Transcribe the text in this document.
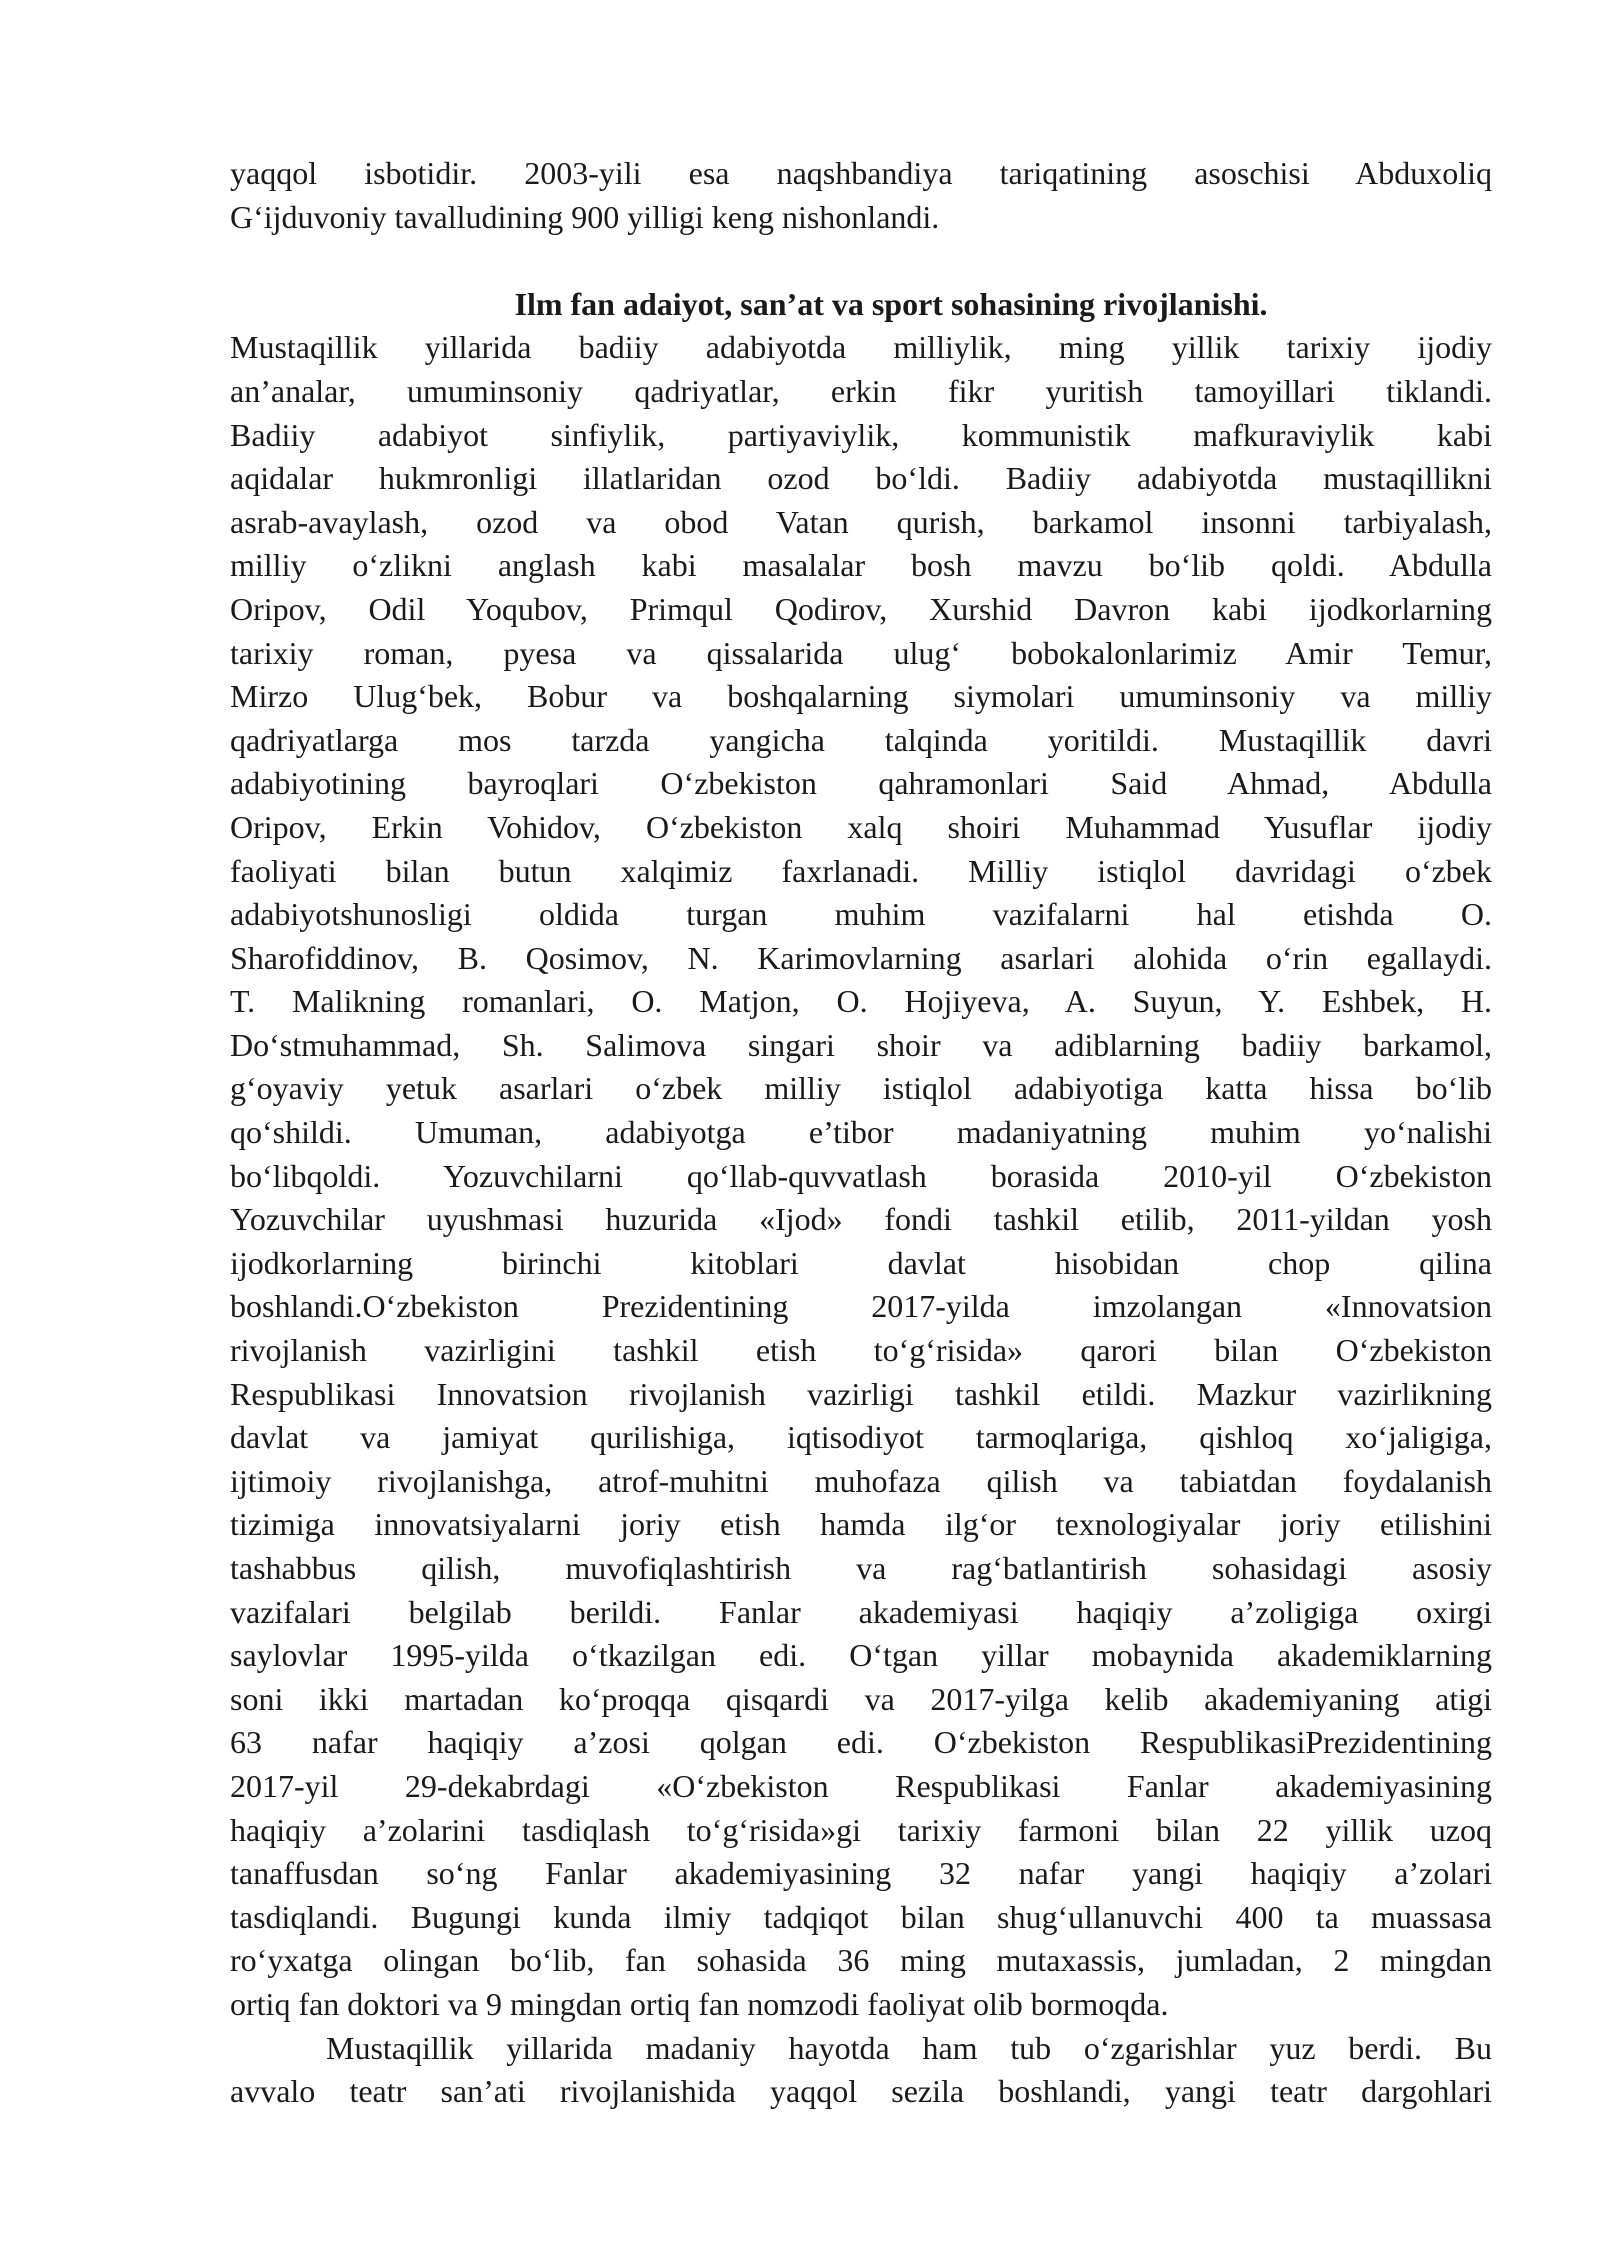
yaqqol isbotidir. 2003-yili esa naqshbandiya tariqatining asoschisi Abduxoliq
G‘ijduvoniy tavalludining 900 yilligi keng nishonlandi.
Ilm fan adaiyot, san’at va sport sohasining rivojlanishi.
Mustaqillik yillarida badiiy adabiyotda milliylik, ming yillik tarixiy ijodiy
an’analar, umuminsoniy qadriyatlar, erkin fikr yuritish tamoyillari tiklandi.
Badiiy adabiyot sinfiylik, partiyaviylik, kommunistik mafkuraviylik kabi
aqidalar hukmronligi illatlaridan ozod bo‘ldi. Badiiy adabiyotda mustaqillikni
asrab-avaylash, ozod va obod Vatan qurish, barkamol insonni tarbiyalash,
milliy o‘zlikni anglash kabi masalalar bosh mavzu bo‘lib qoldi. Abdulla
Oripov, Odil Yoqubov, Primqul Qodirov, Xurshid Davron kabi ijodkorlarning
tarixiy roman, pyesa va qissalarida ulug‘ bobokalonlarimiz Amir Temur,
Mirzo Ulug‘bek, Bobur va boshqalarning siymolari umuminsoniy va milliy
qadriyatlarga mos tarzda yangicha talqinda yoritildi. Mustaqillik davri
adabiyotining bayroqlari O‘zbekiston qahramonlari Said Ahmad, Abdulla
Oripov, Erkin Vohidov, O‘zbekiston xalq shoiri Muhammad Yusuflar ijodiy
faoliyati bilan butun xalqimiz faxrlanadi. Milliy istiqlol davridagi o‘zbek
adabiyotshunosligi oldida turgan muhim vazifalarni hal etishda O.
Sharofiddinov, B. Qosimov, N. Karimovlarning asarlari alohida o‘rin egallaydi.
T. Malikning romanlari, O. Matjon, O. Hojiyeva, A. Suyun, Y. Eshbek, H.
Do‘stmuhammad, Sh. Salimova singari shoir va adiblarning badiiy barkamol,
g‘oyaviy yetuk asarlari o‘zbek milliy istiqlol adabiyotiga katta hissa bo‘lib
qo‘shildi. Umuman, adabiyotga e’tibor madaniyatning muhim yo‘nalishi
bo‘libqoldi. Yozuvchilarni qo‘llab-quvvatlash borasida 2010-yil O‘zbekiston
Yozuvchilar uyushmasi huzurida «Ijod» fondi tashkil etilib, 2011-yildan yosh
ijodkorlarning birinchi kitoblari davlat hisobidan chop qilina
boshlandi.O‘zbekiston Prezidentining 2017-yilda imzolangan «Innovatsion
rivojlanish vazirligini tashkil etish to‘g‘risida» qarori bilan O‘zbekiston
Respublikasi Innovatsion rivojlanish vazirligi tashkil etildi. Mazkur vazirlikning
davlat va jamiyat qurilishiga, iqtisodiyot tarmoqlariga, qishloq xo‘jaligiga,
ijtimoiy rivojlanishga, atrof-muhitni muhofaza qilish va tabiatdan foydalanish
tizimiga innovatsiyalarni joriy etish hamda ilg‘or texnologiyalar joriy etilishini
tashabbus qilish, muvofiqlashtirish va rag‘batlantirish sohasidagi asosiy
vazifalari belgilab berildi. Fanlar akademiyasi haqiqiy a’zoligiga oxirgi
saylovlar 1995-yilda o‘tkazilgan edi. O‘tgan yillar mobaynida akademiklarning
soni ikki martadan ko‘proqqa qisqardi va 2017-yilga kelib akademiyaning atigi
63 nafar haqiqiy a’zosi qolgan edi. O‘zbekiston RespublikasiPrezidentining
2017-yil 29-dekabrdagi «O‘zbekiston Respublikasi Fanlar akademiyasining
haqiqiy a’zolarini tasdiqlash to‘g‘risida»gi tarixiy farmoni bilan 22 yillik uzoq
tanaffusdan so‘ng Fanlar akademiyasining 32 nafar yangi haqiqiy a’zolari
tasdiqlandi. Bugungi kunda ilmiy tadqiqot bilan shug‘ullanuvchi 400 ta muassasa
ro‘yxatga olingan bo‘lib, fan sohasida 36 ming mutaxassis, jumladan, 2 mingdan
ortiq fan doktori va 9 mingdan ortiq fan nomzodi faoliyat olib bormoqda.
Mustaqillik yillarida madaniy hayotda ham tub o‘zgarishlar yuz berdi. Bu
avvalo teatr san’ati rivojlanishida yaqqol sezila boshlandi, yangi teatr dargohlari
